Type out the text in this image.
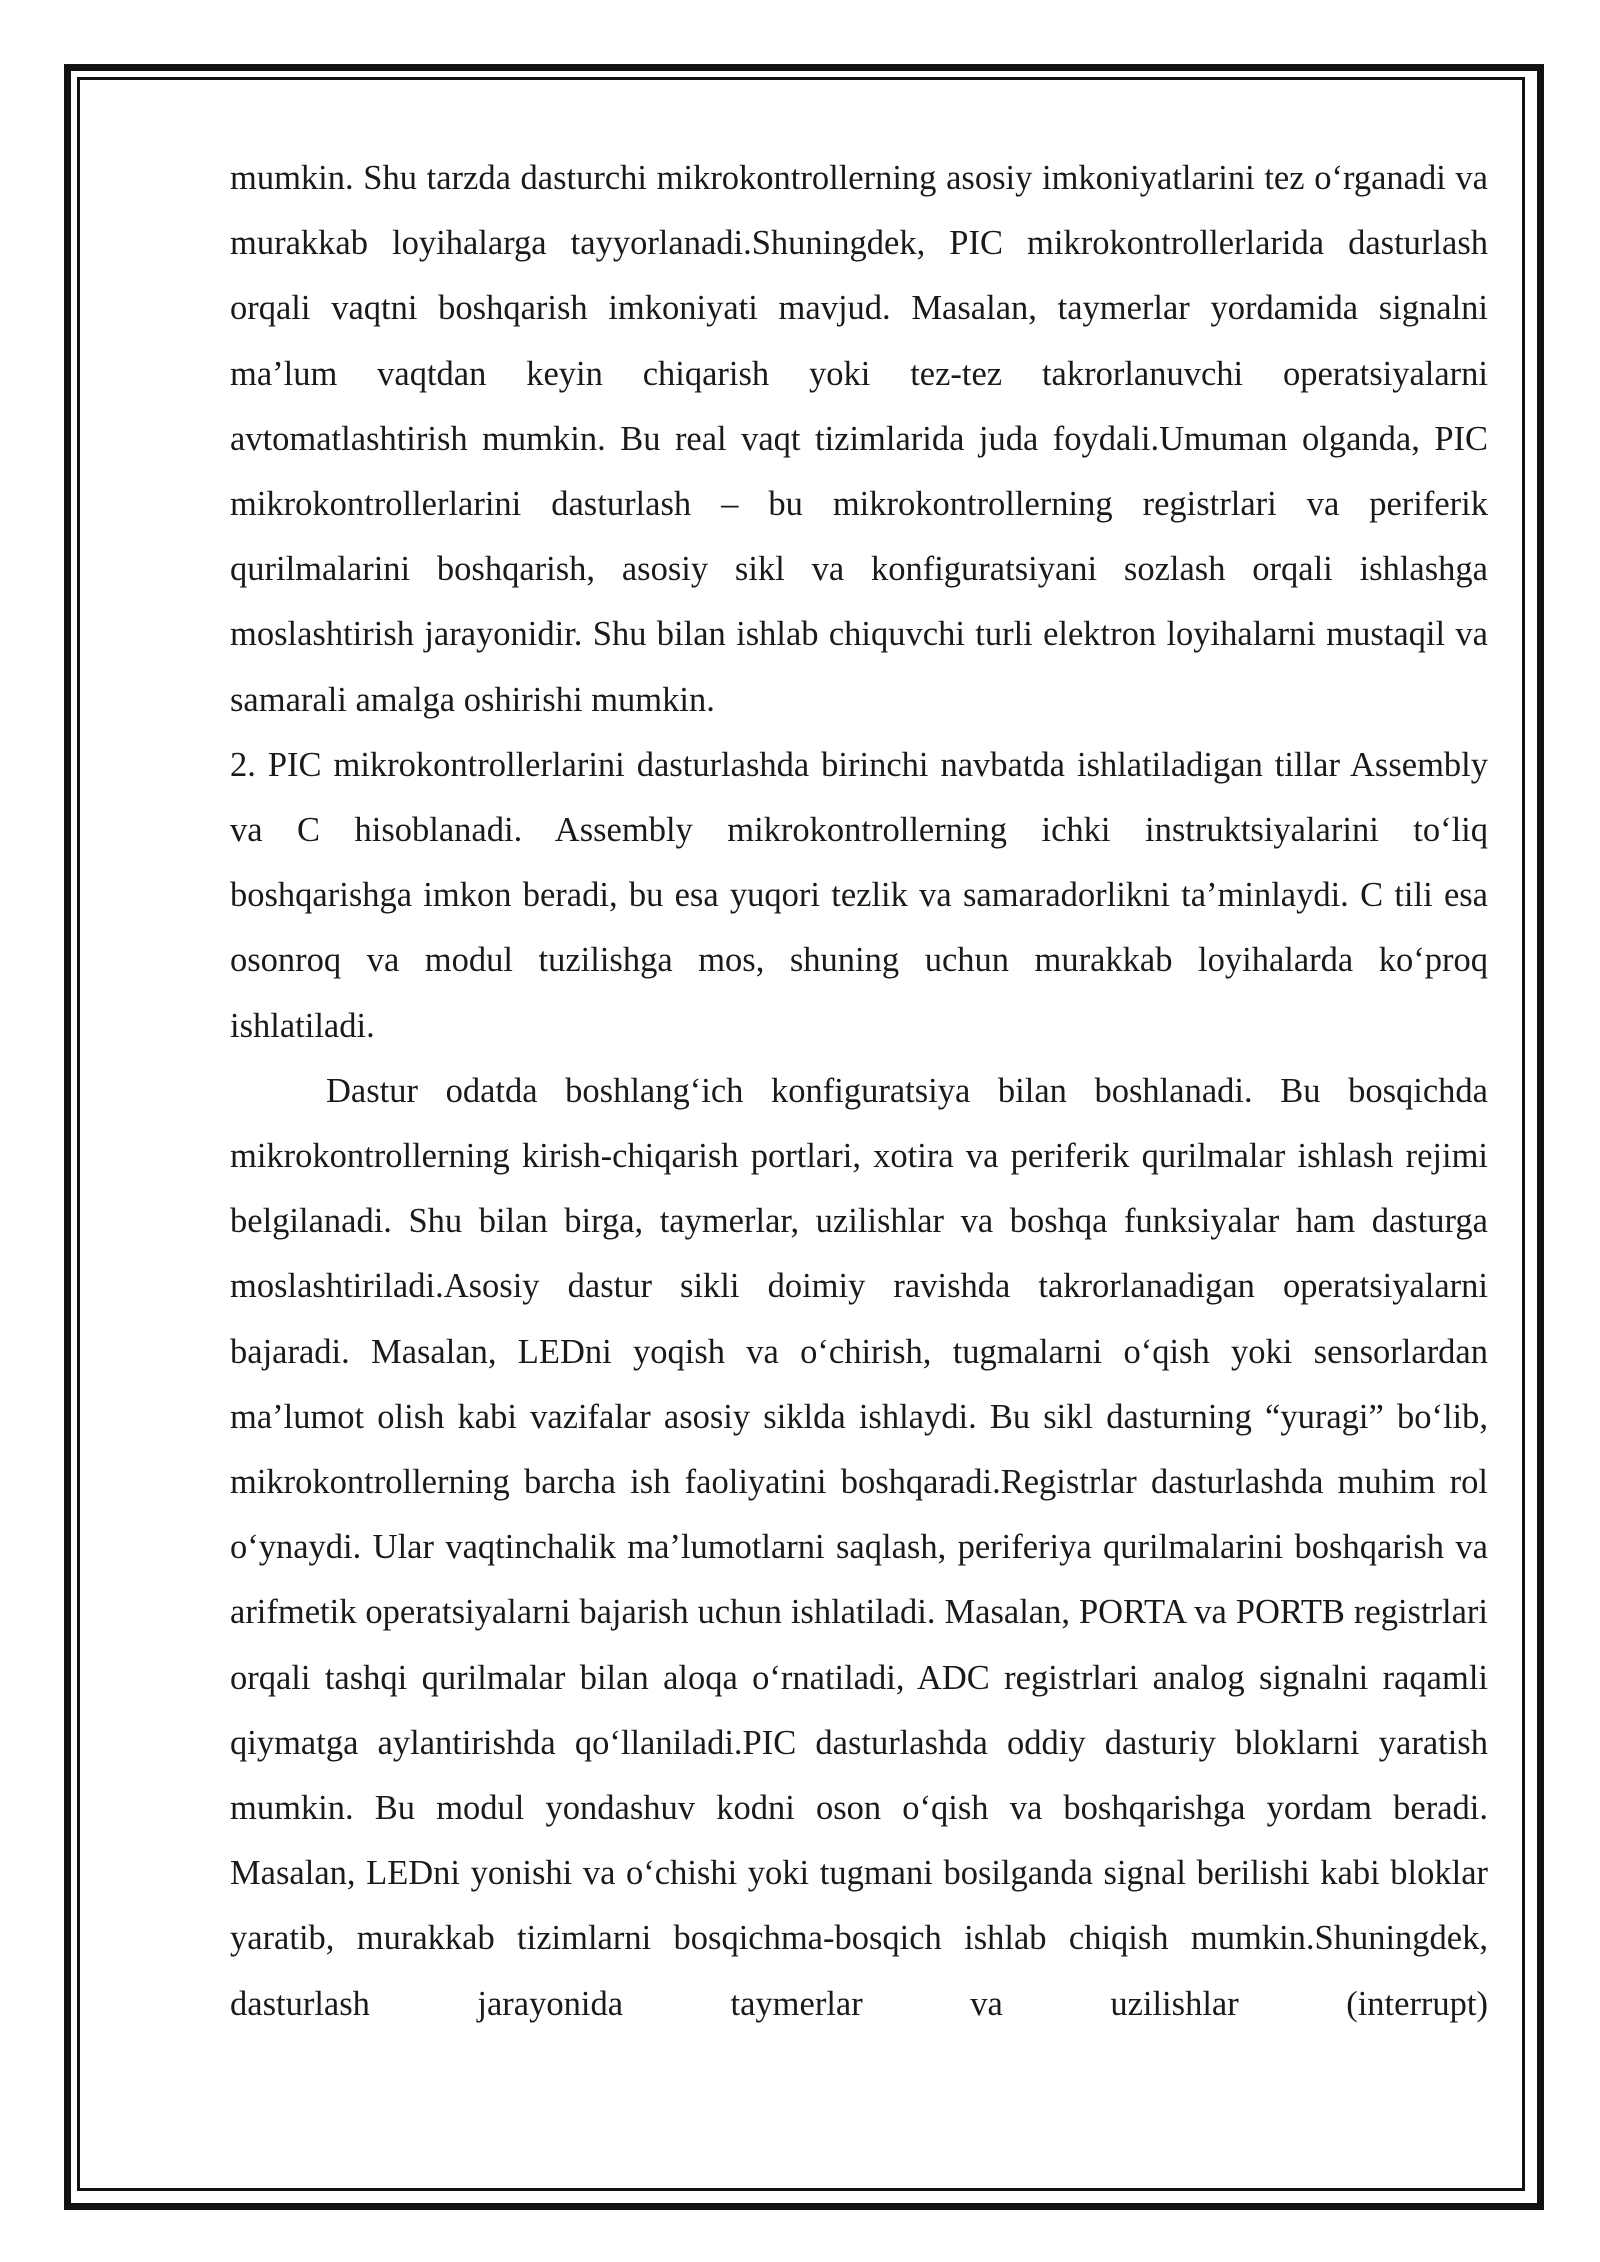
mumkin. Shu tarzda dasturchi mikrokontrollerning asosiy imkoniyatlarini tez o‘rganadi va murakkab loyihalarga tayyorlanadi.Shuningdek, PIC mikrokontrollerlarida dasturlash orqali vaqtni boshqarish imkoniyati mavjud. Masalan, taymerlar yordamida signalni ma’lum vaqtdan keyin chiqarish yoki tez-tez takrorlanuvchi operatsiyalarni avtomatlashtirish mumkin. Bu real vaqt tizimlarida juda foydali.Umuman olganda, PIC mikrokontrollerlarini dasturlash – bu mikrokontrollerning registrlari va periferik qurilmalarini boshqarish, asosiy sikl va konfiguratsiyani sozlash orqali ishlashga moslashtirish jarayonidir. Shu bilan ishlab chiquvchi turli elektron loyihalarni mustaqil va samarali amalga oshirishi mumkin.

2. PIC mikrokontrollerlarini dasturlashda birinchi navbatda ishlatiladigan tillar Assembly va C hisoblanadi. Assembly mikrokontrollerning ichki instruktsiyalarini to‘liq boshqarishga imkon beradi, bu esa yuqori tezlik va samaradorlikni ta’minlaydi. C tili esa osonroq va modul tuzilishga mos, shuning uchun murakkab loyihalarda ko‘proq ishlatiladi.

Dastur odatda boshlang‘ich konfiguratsiya bilan boshlanadi. Bu bosqichda mikrokontrollerning kirish-chiqarish portlari, xotira va periferik qurilmalar ishlash rejimi belgilanadi. Shu bilan birga, taymerlar, uzilishlar va boshqa funksiyalar ham dasturga moslashtiriladi.Asosiy dastur sikli doimiy ravishda takrorlanadigan operatsiyalarni bajaradi. Masalan, LEDni yoqish va o‘chirish, tugmalarni o‘qish yoki sensorlardan ma’lumot olish kabi vazifalar asosiy siklda ishlaydi. Bu sikl dasturning “yuragi” bo‘lib, mikrokontrollerning barcha ish faoliyatini boshqaradi.Registrlar dasturlashda muhim rol o‘ynaydi. Ular vaqtinchalik ma’lumotlarni saqlash, periferiya qurilmalarini boshqarish va arifmetik operatsiyalarni bajarish uchun ishlatiladi. Masalan, PORTA va PORTB registrlari orqali tashqi qurilmalar bilan aloqa o‘rnatiladi, ADC registrlari analog signalni raqamli qiymatga aylantirishda qo‘llaniladi.PIC dasturlashda oddiy dasturiy bloklarni yaratish mumkin. Bu modul yondashuv kodni oson o‘qish va boshqarishga yordam beradi. Masalan, LEDni yonishi va o‘chishi yoki tugmani bosilganda signal berilishi kabi bloklar yaratib, murakkab tizimlarni bosqichma-bosqich ishlab chiqish mumkin.Shuningdek, dasturlash jarayonida taymerlar va uzilishlar (interrupt)
